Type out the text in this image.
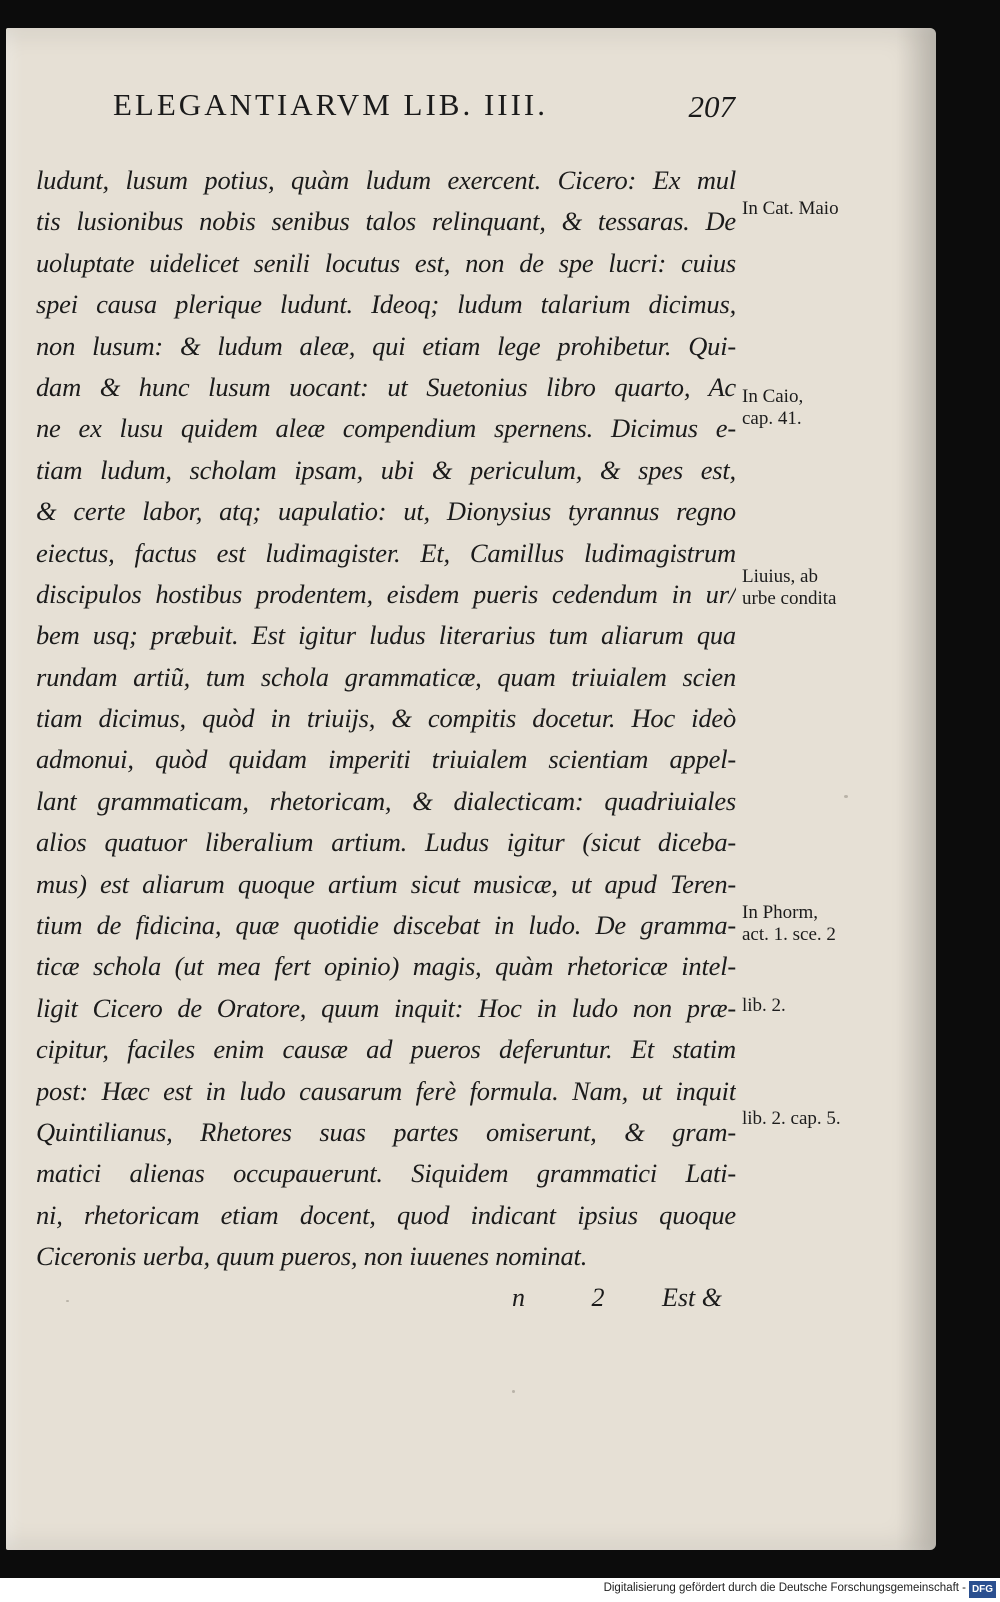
ELEGANTIARVM LIB. IIII.	207
ludunt, lusum potius, quàm ludum exercent. Cicero: Ex mul
tis lusionibus nobis senibus talos relinquant, & tessaras. De
uoluptate uidelicet senili locutus est, non de spe lucri: cuius
spei causa plerique ludunt. Ideoq; ludum talarium dicimus,
non lusum: & ludum aleæ, qui etiam lege prohibetur. Qui-
dam & hunc lusum uocant: ut Suetonius libro quarto, Ac
ne ex lusu quidem aleæ compendium spernens. Dicimus e-
tiam ludum, scholam ipsam, ubi & periculum, & spes est,
& certe labor, atq; uapulatio: ut, Dionysius tyrannus regno
eiectus, factus est ludimagister. Et, Camillus ludimagistrum
discipulos hostibus prodentem, eisdem pueris cedendum in ur/
bem usq; præbuit. Est igitur ludus literarius tum aliarum qua
rundam artiũ, tum schola grammaticæ, quam triuialem scien
tiam dicimus, quòd in triuijs, & compitis docetur. Hoc ideò
admonui, quòd quidam imperiti triuialem scientiam appel-
lant grammaticam, rhetoricam, & dialecticam: quadriuiales
alios quatuor liberalium artium. Ludus igitur (sicut diceba-
mus) est aliarum quoque artium sicut musicæ, ut apud Teren-
tium de fidicina, quæ quotidie discebat in ludo. De gramma-
ticæ schola (ut mea fert opinio) magis, quàm rhetoricæ intel-
ligit Cicero de Oratore, quum inquit: Hoc in ludo non præ-
cipitur, faciles enim causæ ad pueros deferuntur. Et statim
post: Hæc est in ludo causarum ferè formula. Nam, ut inquit
Quintilianus, Rhetores suas partes omiserunt, & gram-
matici alienas occupauerunt. Siquidem grammatici Lati-
ni, rhetoricam etiam docent, quod indicant ipsius quoque
Ciceronis uerba, quum pueros, non iuuenes nominat.
In Cat. Maio
In Caio,
cap. 41.
Liuius, ab
urbe condita
In Phorm,
act. 1. sce. 2
lib. 2.
lib. 2. cap. 5.
n 2 Est &
Digitalisierung gefördert durch die Deutsche Forschungsgemeinschaft - DFG
